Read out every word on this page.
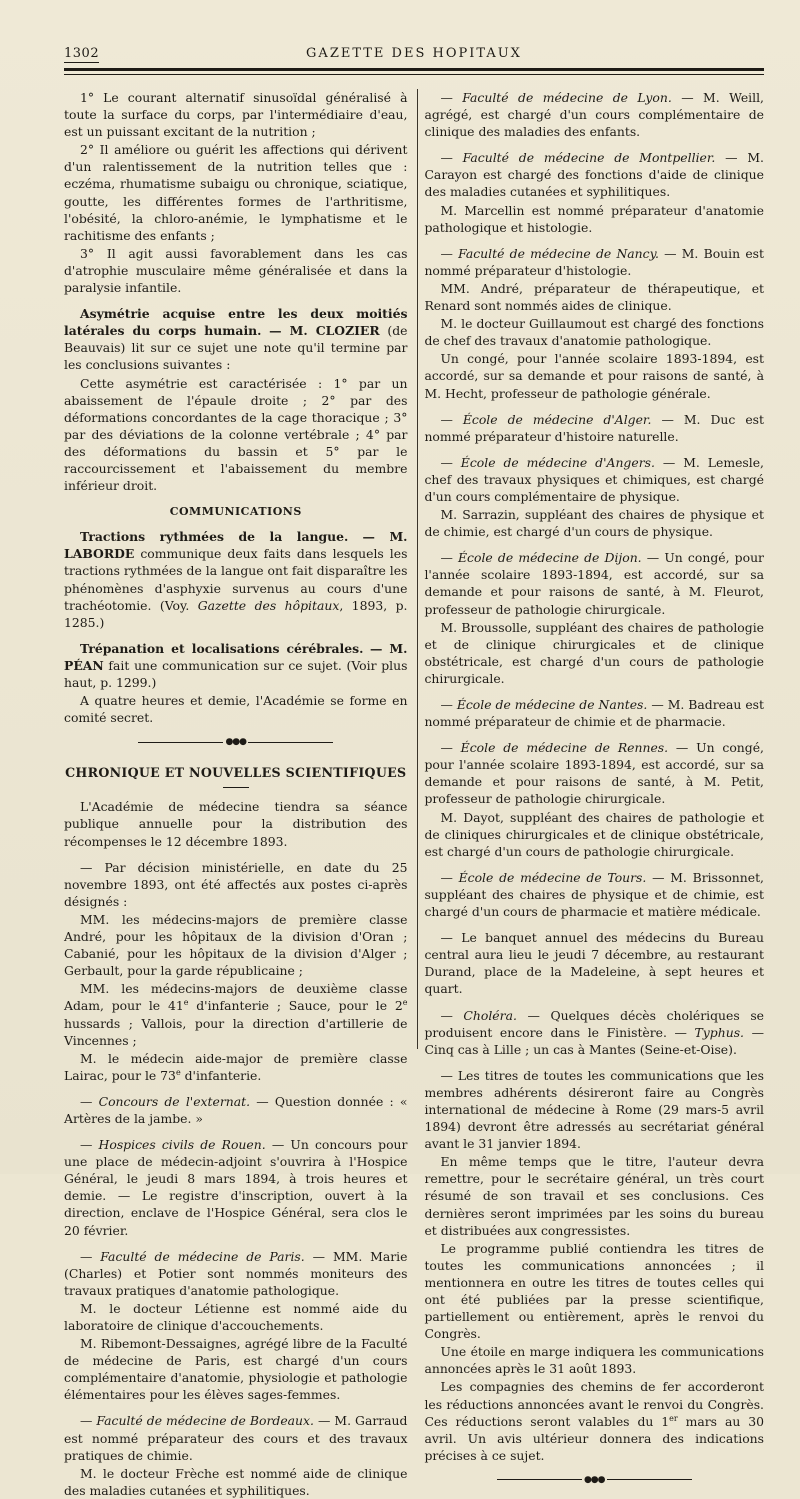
1302	GAZETTE DES HOPITAUX

1° Le courant alternatif sinusoïdal généralisé à toute la surface du corps, par l'intermédiaire d'eau, est un puissant excitant de la nutrition ;

2° Il améliore ou guérit les affections qui dérivent d'un ralentissement de la nutrition telles que : eczéma, rhumatisme subaigu ou chronique, sciatique, goutte, les différentes formes de l'arthritisme, l'obésité, la chloro-anémie, le lymphatisme et le rachitisme des enfants ;

3° Il agit aussi favorablement dans les cas d'atrophie musculaire même généralisée et dans la paralysie infantile.

Asymétrie acquise entre les deux moitiés latérales du corps humain. — M. CLOZIER (de Beauvais) lit sur ce sujet une note qu'il termine par les conclusions suivantes :

Cette asymétrie est caractérisée : 1° par un abaissement de l'épaule droite ; 2° par des déformations concordantes de la cage thoracique ; 3° par des déviations de la colonne vertébrale ; 4° par des déformations du bassin et 5° par le raccourcissement et l'abaissement du membre inférieur droit.

COMMUNICATIONS

Tractions rythmées de la langue. — M. LABORDE communique deux faits dans lesquels les tractions rythmées de la langue ont fait disparaître les phénomènes d'asphyxie survenus au cours d'une trachéotomie. (Voy. Gazette des hôpitaux, 1893, p. 1285.)

Trépanation et localisations cérébrales. — M. PÉAN fait une communication sur ce sujet. (Voir plus haut, p. 1299.)

A quatre heures et demie, l'Académie se forme en comité secret.

●●●
CHRONIQUE ET NOUVELLES SCIENTIFIQUES

L'Académie de médecine tiendra sa séance publique annuelle pour la distribution des récompenses le 12 décembre 1893.

— Par décision ministérielle, en date du 25 novembre 1893, ont été affectés aux postes ci-après désignés :

MM. les médecins-majors de première classe André, pour les hôpitaux de la division d'Oran ; Cabanié, pour les hôpitaux de la division d'Alger ; Gerbault, pour la garde républicaine ;

MM. les médecins-majors de deuxième classe Adam, pour le 41e d'infanterie ; Sauce, pour le 2e hussards ; Vallois, pour la direction d'artillerie de Vincennes ;

M. le médecin aide-major de première classe Lairac, pour le 73e d'infanterie.

— Concours de l'externat. — Question donnée : « Artères de la jambe. »

— Hospices civils de Rouen. — Un concours pour une place de médecin-adjoint s'ouvrira à l'Hospice Général, le jeudi 8 mars 1894, à trois heures et demie. — Le registre d'inscription, ouvert à la direction, enclave de l'Hospice Général, sera clos le 20 février.

— Faculté de médecine de Paris. — MM. Marie (Charles) et Potier sont nommés moniteurs des travaux pratiques d'anatomie pathologique.

M. le docteur Létienne est nommé aide du laboratoire de clinique d'accouchements.

M. Ribemont-Dessaignes, agrégé libre de la Faculté de médecine de Paris, est chargé d'un cours complémentaire d'anatomie, physiologie et pathologie élémentaires pour les élèves sages-femmes.

— Faculté de médecine de Bordeaux. — M. Garraud est nommé préparateur des cours et des travaux pratiques de chimie.

M. le docteur Frèche est nommé aide de clinique des maladies cutanées et syphilitiques.

— Faculté de médecine de Lyon. — M. Weill, agrégé, est chargé d'un cours complémentaire de clinique des maladies des enfants.

— Faculté de médecine de Montpellier. — M. Carayon est chargé des fonctions d'aide de clinique des maladies cutanées et syphilitiques.

M. Marcellin est nommé préparateur d'anatomie pathologique et histologie.

— Faculté de médecine de Nancy. — M. Bouin est nommé préparateur d'histologie.

MM. André, préparateur de thérapeutique, et Renard sont nommés aides de clinique.

M. le docteur Guillaumout est chargé des fonctions de chef des travaux d'anatomie pathologique.

Un congé, pour l'année scolaire 1893-1894, est accordé, sur sa demande et pour raisons de santé, à M. Hecht, professeur de pathologie générale.

— École de médecine d'Alger. — M. Duc est nommé préparateur d'histoire naturelle.

— École de médecine d'Angers. — M. Lemesle, chef des travaux physiques et chimiques, est chargé d'un cours complémentaire de physique.

M. Sarrazin, suppléant des chaires de physique et de chimie, est chargé d'un cours de physique.

— École de médecine de Dijon. — Un congé, pour l'année scolaire 1893-1894, est accordé, sur sa demande et pour raisons de santé, à M. Fleurot, professeur de pathologie chirurgicale.

M. Broussolle, suppléant des chaires de pathologie et de clinique chirurgicales et de clinique obstétricale, est chargé d'un cours de pathologie chirurgicale.

— École de médecine de Nantes. — M. Badreau est nommé préparateur de chimie et de pharmacie.

— École de médecine de Rennes. — Un congé, pour l'année scolaire 1893-1894, est accordé, sur sa demande et pour raisons de santé, à M. Petit, professeur de pathologie chirurgicale.

M. Dayot, suppléant des chaires de pathologie et de cliniques chirurgicales et de clinique obstétricale, est chargé d'un cours de pathologie chirurgicale.

— École de médecine de Tours. — M. Brissonnet, suppléant des chaires de physique et de chimie, est chargé d'un cours de pharmacie et matière médicale.

— Le banquet annuel des médecins du Bureau central aura lieu le jeudi 7 décembre, au restaurant Durand, place de la Madeleine, à sept heures et quart.

— Choléra. — Quelques décès cholériques se produisent encore dans le Finistère. — Typhus. — Cinq cas à Lille ; un cas à Mantes (Seine-et-Oise).

— Les titres de toutes les communications que les membres adhérents désireront faire au Congrès international de médecine à Rome (29 mars-5 avril 1894) devront être adressés au secrétariat général avant le 31 janvier 1894.

En même temps que le titre, l'auteur devra remettre, pour le secrétaire général, un très court résumé de son travail et ses conclusions. Ces dernières seront imprimées par les soins du bureau et distribuées aux congressistes.

Le programme publié contiendra les titres de toutes les communications annoncées ; il mentionnera en outre les titres de toutes celles qui ont été publiées par la presse scientifique, partiellement ou entièrement, après le renvoi du Congrès.

Une étoile en marge indiquera les communications annoncées après le 31 août 1893.

Les compagnies des chemins de fer accorderont les réductions annoncées avant le renvoi du Congrès. Ces réductions seront valables du 1er mars au 30 avril. Un avis ultérieur donnera des indications précises à ce sujet.

●●●
